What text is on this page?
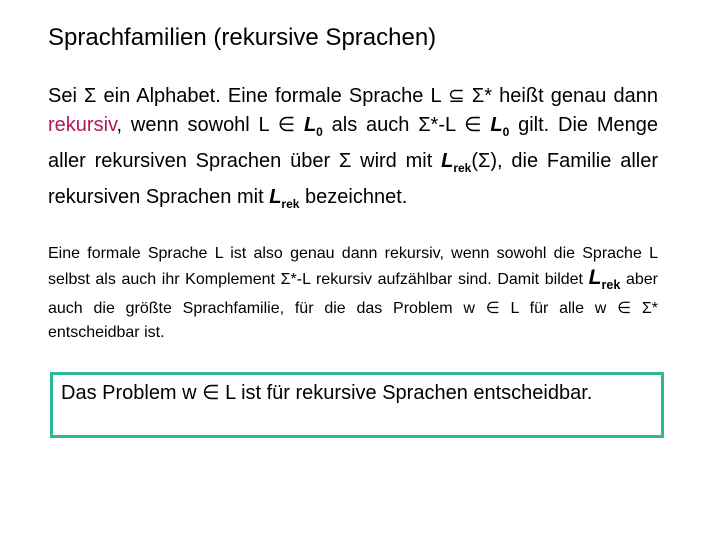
Sprachfamilien (rekursive Sprachen)
Sei Σ ein Alphabet. Eine formale Sprache L ⊆ Σ* heißt genau dann rekursiv, wenn sowohl L ∈ $L_0$ als auch Σ*-L ∈ $L_0$ gilt. Die Menge aller rekursiven Sprachen über Σ wird mit $L_{rek}(\Sigma)$, die Familie aller rekursiven Sprachen mit $L_{rek}$ bezeichnet.
Eine formale Sprache L ist also genau dann rekursiv, wenn sowohl die Sprache L selbst als auch ihr Komplement Σ*-L rekursiv aufzählbar sind. Damit bildet $L_{rek}$ aber auch die größte Sprachfamilie, für die das Problem w ∈ L für alle w ∈ Σ* entscheidbar ist.
Das Problem w ∈ L ist für rekursive Sprachen entscheidbar.
